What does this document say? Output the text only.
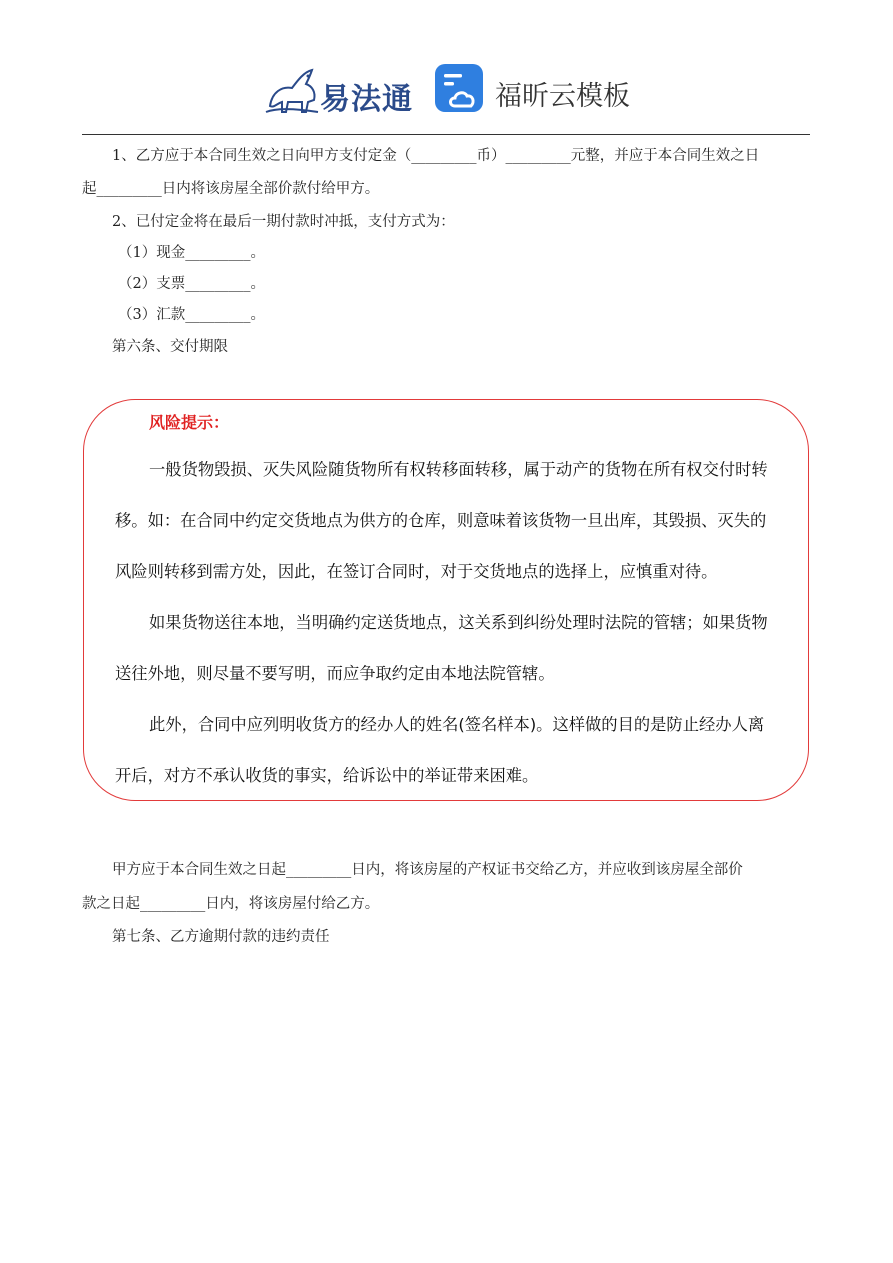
易法通	福昕云模板
1、乙方应于本合同生效之日向甲方支付定金（_________币）_________元整，并应于本合同生效之日
起_________日内将该房屋全部价款付给甲方。
2、已付定金将在最后一期付款时冲抵，支付方式为：
（1）现金_________。
（2）支票_________。
（3）汇款_________。
第六条、交付期限
风险提示：
一般货物毁损、灭失风险随货物所有权转移面转移，属于动产的货物在所有权交付时转
移。如：在合同中约定交货地点为供方的仓库，则意味着该货物一旦出库，其毁损、灭失的
风险则转移到需方处，因此，在签订合同时，对于交货地点的选择上，应慎重对待。
如果货物送往本地，当明确约定送货地点，这关系到纠纷处理时法院的管辖；如果货物
送往外地，则尽量不要写明，而应争取约定由本地法院管辖。
此外，合同中应列明收货方的经办人的姓名(签名样本)。这样做的目的是防止经办人离
开后，对方不承认收货的事实，给诉讼中的举证带来困难。
甲方应于本合同生效之日起_________日内，将该房屋的产权证书交给乙方，并应收到该房屋全部价
款之日起_________日内，将该房屋付给乙方。
第七条、乙方逾期付款的违约责任
